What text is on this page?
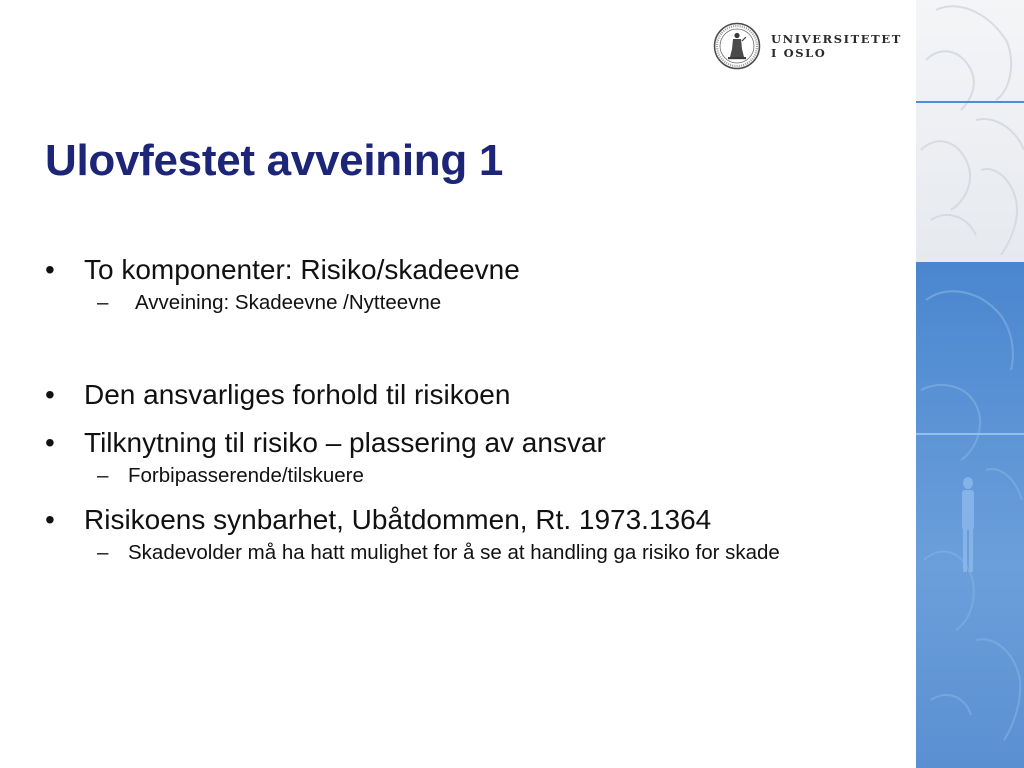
UNIVERSITETET
I OSLO
Ulovfestet avveining 1

•	To komponenter: Risiko/skadeevne

– Avveining: Skadeevne /Nytteevne

•	Den ansvarliges forhold til risikoen

•	Tilknytning til risiko – plassering av ansvar

– Forbipasserende/tilskuere

•	Risikoens synbarhet, Ubåtdommen, Rt. 1973.1364

– Skadevolder må ha hatt mulighet for å se at handling ga risiko for skade
